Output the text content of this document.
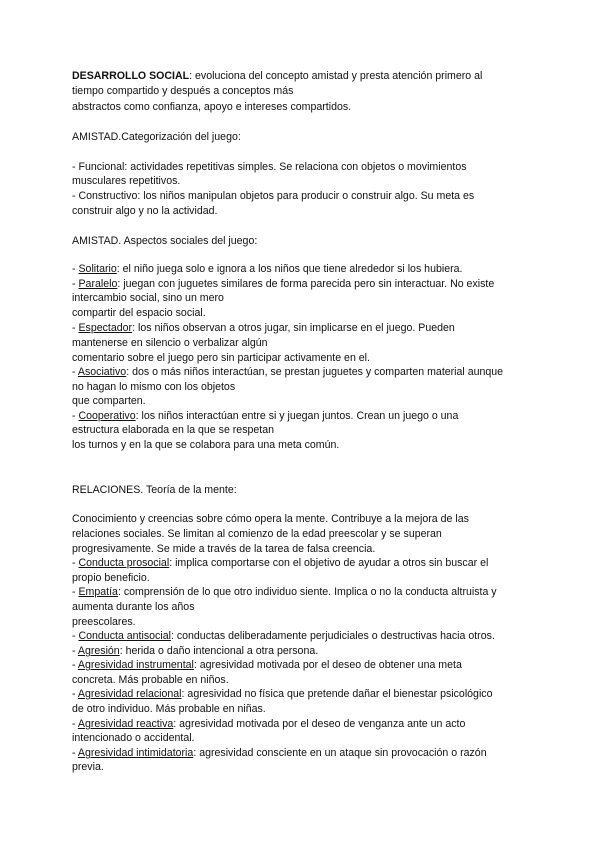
DESARROLLO SOCIAL: evoluciona del concepto amistad y presta atención primero al
tiempo compartido y después a conceptos más
abstractos como confianza, apoyo e intereses compartidos.
AMISTAD.Categorización del juego:
- Funcional: actividades repetitivas simples. Se relaciona con objetos o movimientos
musculares repetitivos.
- Constructivo: los niños manipulan objetos para producir o construir algo. Su meta es
construir algo y no la actividad.
AMISTAD. Aspectos sociales del juego:
- Solitario: el niño juega solo e ignora a los niños que tiene alrededor si los hubiera.
- Paralelo: juegan con juguetes similares de forma parecida pero sin interactuar. No existe
intercambio social, sino un mero
compartir del espacio social.
- Espectador: los niños observan a otros jugar, sin implicarse en el juego. Pueden
mantenerse en silencio o verbalizar algún
comentario sobre el juego pero sin participar activamente en el.
- Asociativo: dos o más niños interactúan, se prestan juguetes y comparten material aunque
no hagan lo mismo con los objetos
que comparten.
- Cooperativo: los niños interactúan entre si y juegan juntos. Crean un juego o una
estructura elaborada en la que se respetan
los turnos y en la que se colabora para una meta común.
RELACIONES. Teoría de la mente:
Conocimiento y creencias sobre cómo opera la mente. Contribuye a la mejora de las
relaciones sociales. Se limitan al comienzo de la edad preescolar y se superan
progresivamente. Se mide a través de la tarea de falsa creencia.
- Conducta prosocial: implica comportarse con el objetivo de ayudar a otros sin buscar el
propio beneficio.
- Empatía: comprensión de lo que otro individuo siente. Implica o no la conducta altruista y
aumenta durante los años
preescolares.
- Conducta antisocial: conductas deliberadamente perjudiciales o destructivas hacia otros.
- Agresión: herida o daño intencional a otra persona.
- Agresividad instrumental: agresividad motivada por el deseo de obtener una meta
concreta. Más probable en niños.
- Agresividad relacional: agresividad no física que pretende dañar el bienestar psicológico
de otro individuo. Más probable en niñas.
- Agresividad reactiva: agresividad motivada por el deseo de venganza ante un acto
intencionado o accidental.
- Agresividad intimidatoria: agresividad consciente en un ataque sin provocación o razón
previa.
